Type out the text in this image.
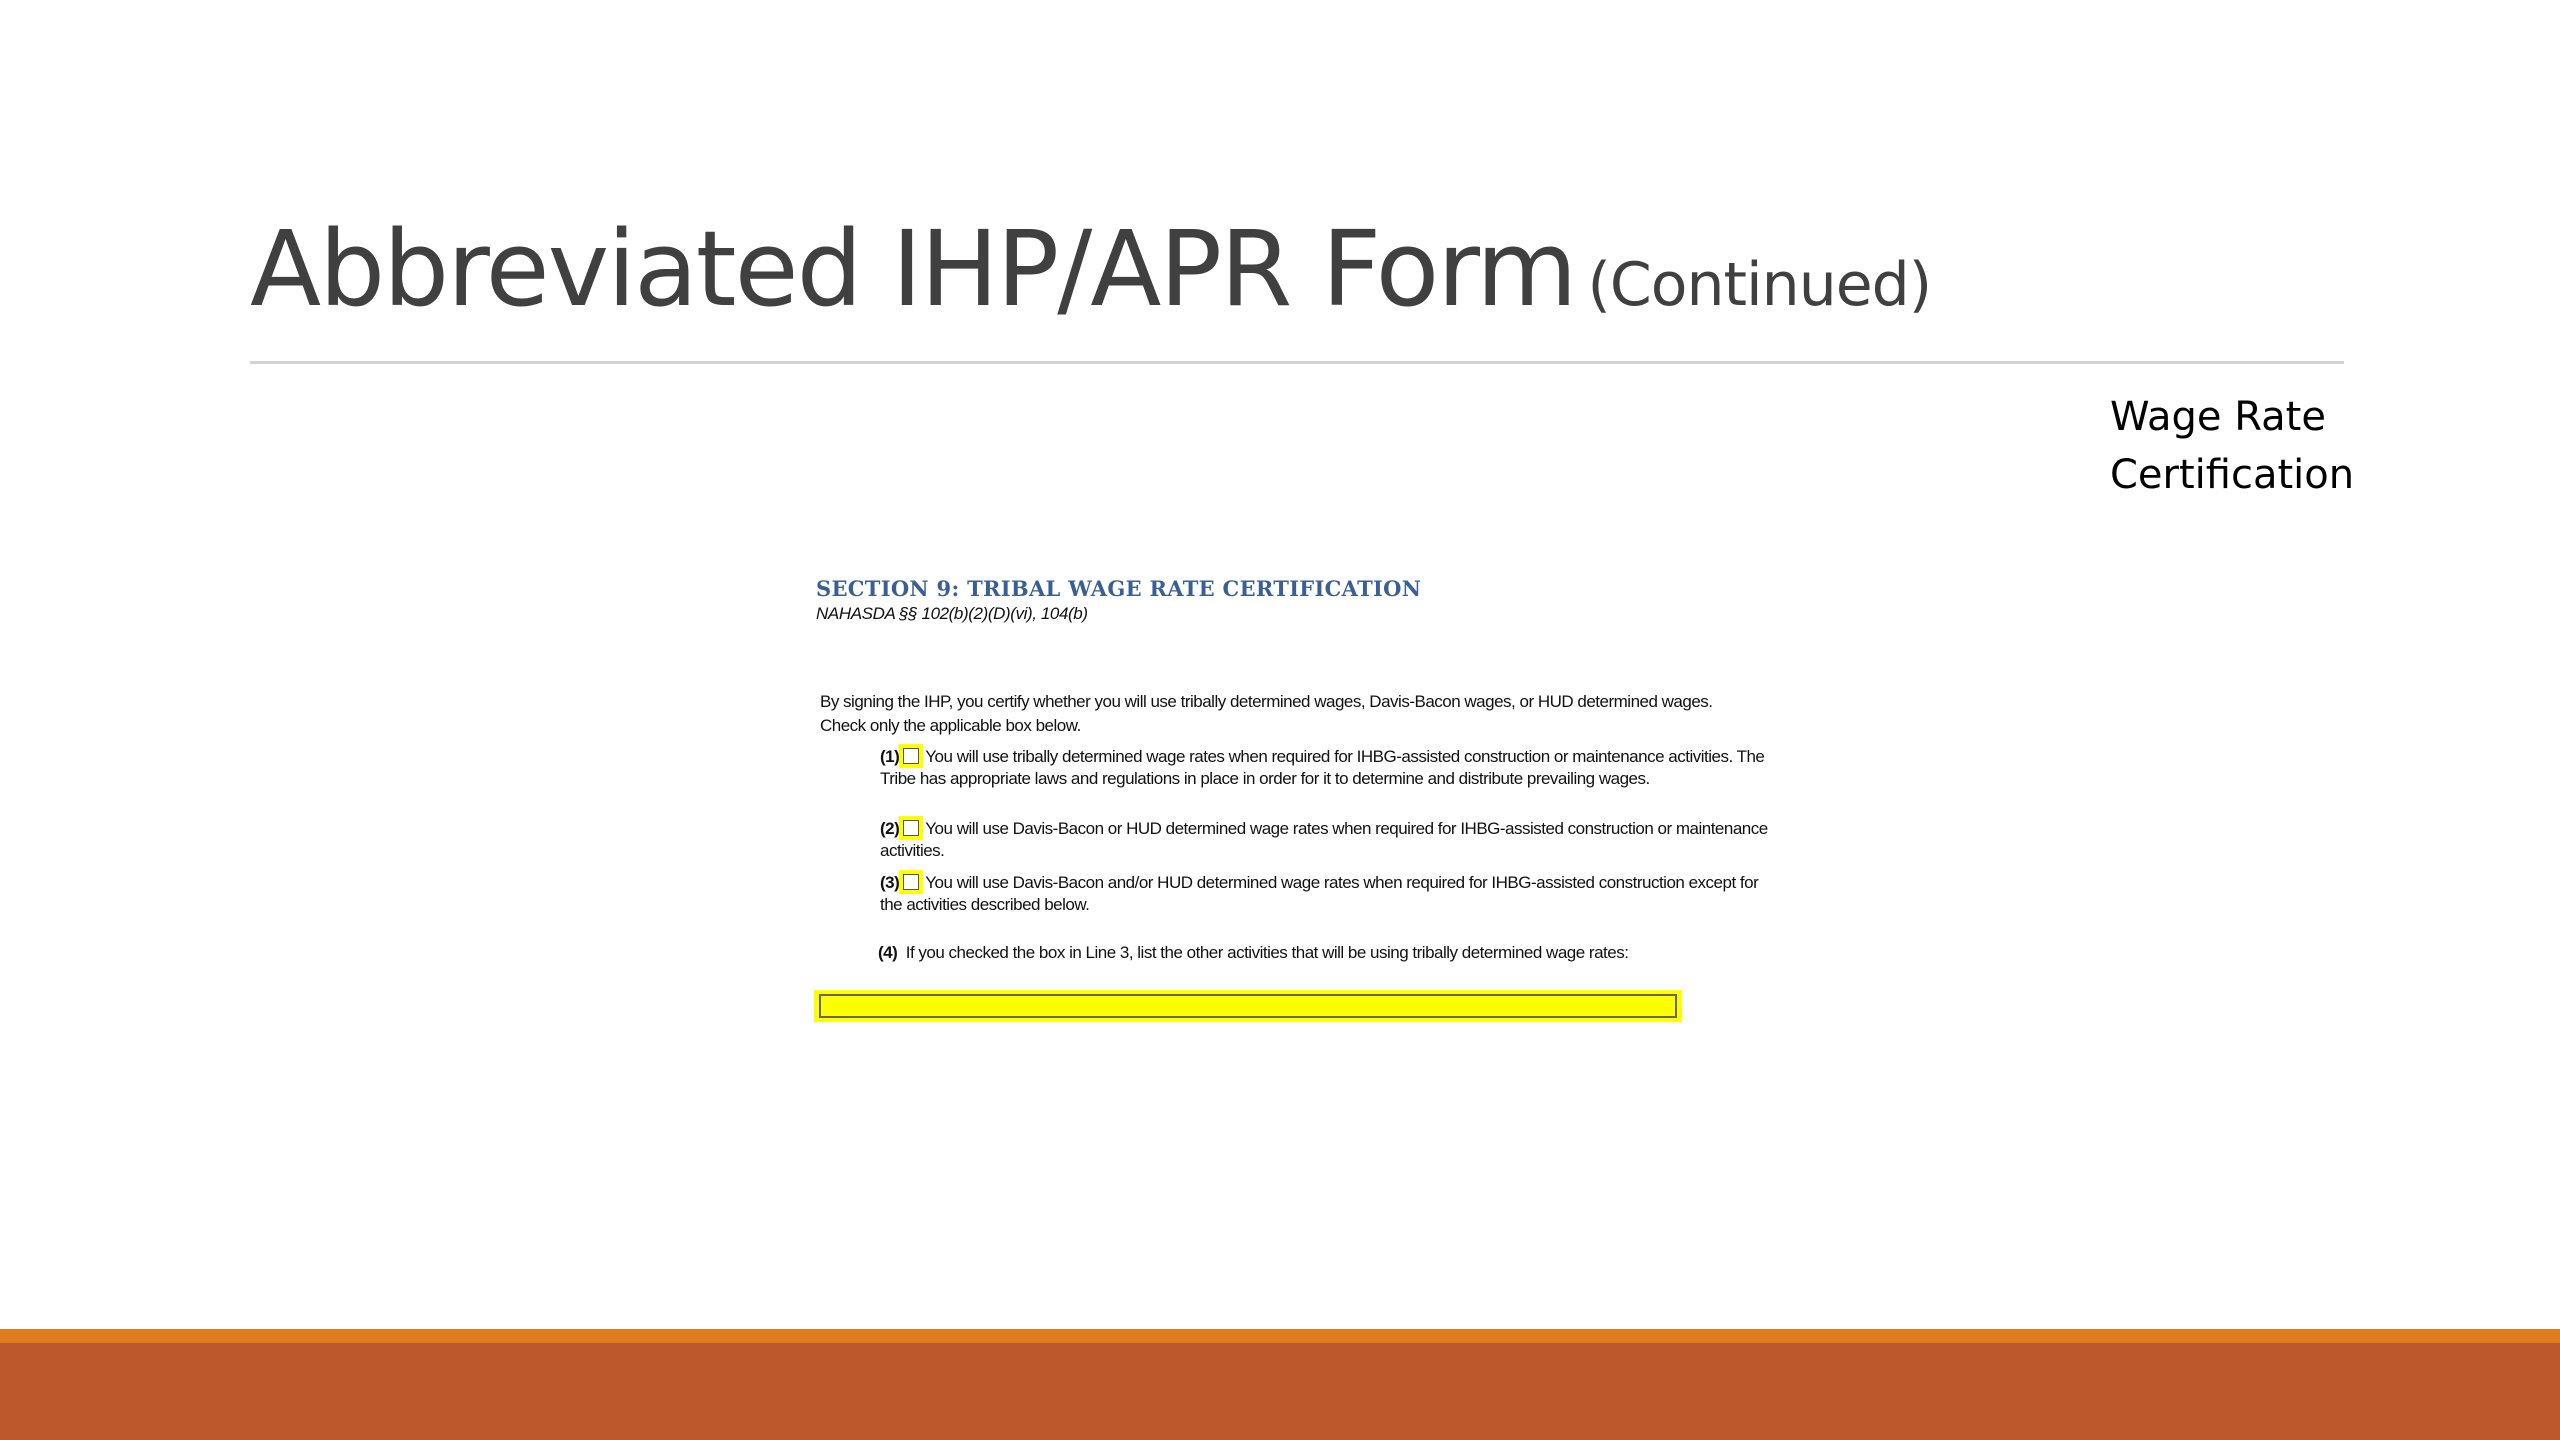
Abbreviated IHP/APR Form (Continued)
Wage Rate
Certification
SECTION 9: TRIBAL WAGE RATE CERTIFICATION
NAHASDA §§ 102(b)(2)(D)(vi), 104(b)
By signing the IHP, you certify whether you will use tribally determined wages, Davis-Bacon wages, or HUD determined wages. Check only the applicable box below.
(1) You will use tribally determined wage rates when required for IHBG-assisted construction or maintenance activities. The Tribe has appropriate laws and regulations in place in order for it to determine and distribute prevailing wages.
(2) You will use Davis-Bacon or HUD determined wage rates when required for IHBG-assisted construction or maintenance activities.
(3) You will use Davis-Bacon and/or HUD determined wage rates when required for IHBG-assisted construction except for the activities described below.
(4) If you checked the box in Line 3, list the other activities that will be using tribally determined wage rates:
